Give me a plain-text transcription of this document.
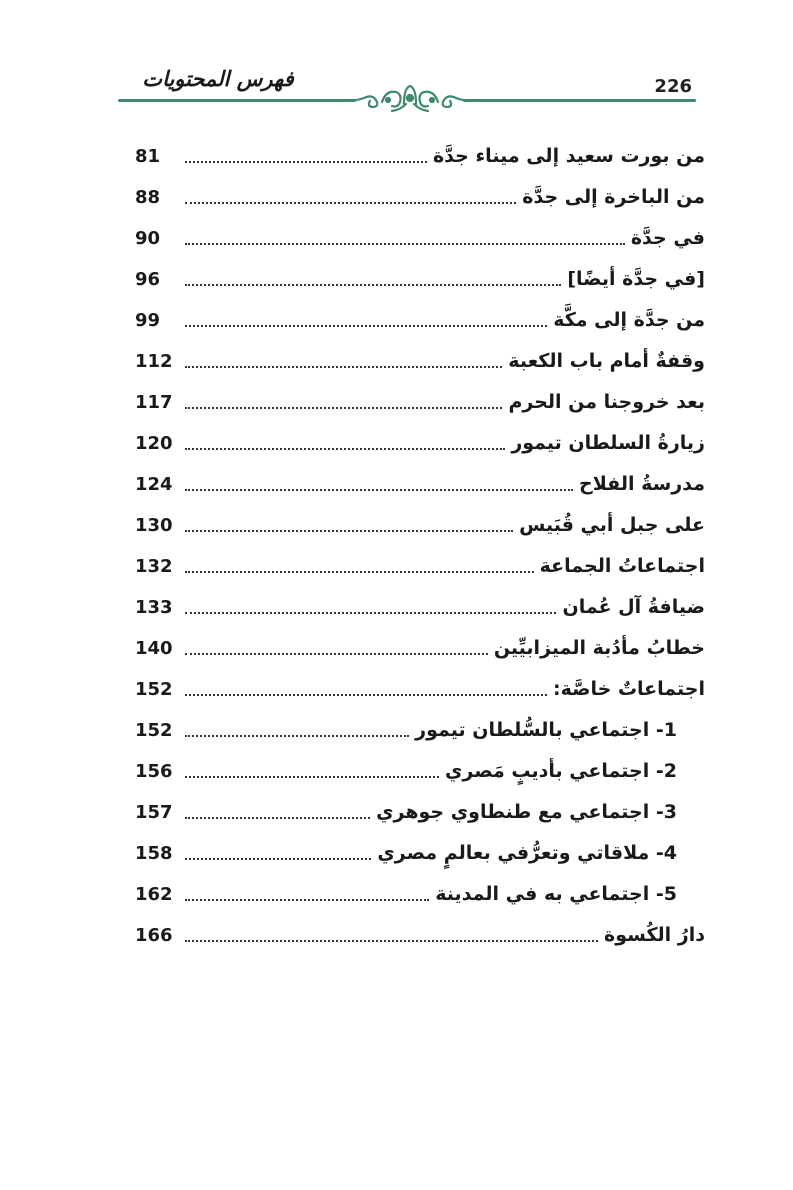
فهرس المحتويات	226
من بورت سعيد إلى ميناء جدَّة
81
من الباخرة إلى جدَّة
88
في جدَّة
90
[في جدَّة أيضًا]
96
من جدَّة إلى مكَّة
99
وقفةٌ أمام باب الكعبة
112
بعد خروجنا من الحرم
117
زيارةُ السلطان تيمور
120
مدرسةُ الفلاح
124
على جبل أبي قُبَيس
130
اجتماعاتُ الجماعة
132
ضيافةُ آل عُمان
133
خطابُ مأدُبة الميزابيِّين
140
اجتماعاتٌ خاصَّة:
152
1- اجتماعي بالسُّلطان تيمور
152
2- اجتماعي بأديبٍ مَصري
156
3- اجتماعي مع طنطاوي جوهري
157
4- ملاقاتي وتعرُّفي بعالمٍ مصري
158
5- اجتماعي به في المدينة
162
دارُ الكُسوة
166
